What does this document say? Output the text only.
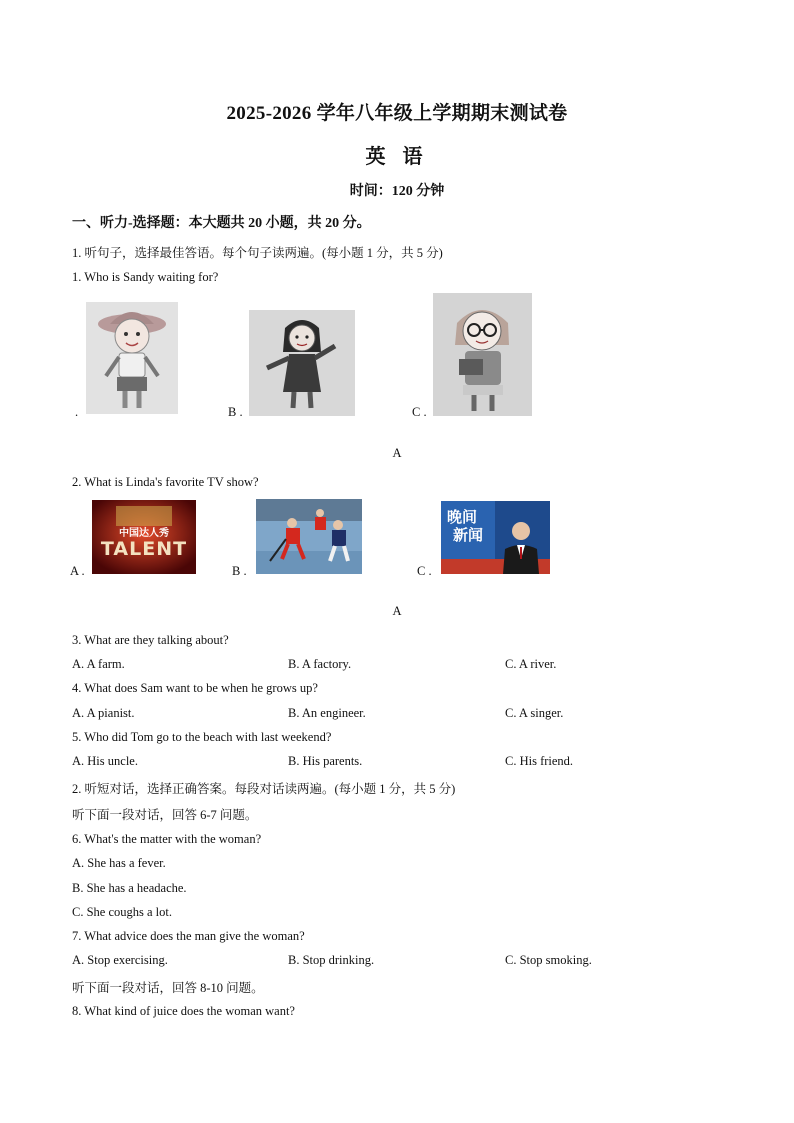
2025-2026 学年八年级上学期期末测试卷
英 语
时间：120 分钟
一、听力-选择题：本大题共 20 小题，共 20 分。
1. 听句子，选择最佳答语。每个句子读两遍。(每小题 1 分，共 5 分)
1. Who is Sandy waiting for?
.	B .	C .
A
2. What is Linda's favorite TV show?
中国达人秀
TALENT
A .	B .
晚间
新闻
C .
A
3. What are they talking about?
A. A farm.	B. A factory.	C. A river.
4. What does Sam want to be when he grows up?
A. A pianist.	B. An engineer.	C. A singer.
5. Who did Tom go to the beach with last weekend?
A. His uncle.	B. His parents.	C. His friend.
2. 听短对话，选择正确答案。每段对话读两遍。(每小题 1 分，共 5 分)
听下面一段对话，回答 6-7 问题。
6. What's the matter with the woman?
A. She has a fever.
B. She has a headache.
C. She coughs a lot.
7. What advice does the man give the woman?
A. Stop exercising.	B. Stop drinking.	C. Stop smoking.
听下面一段对话，回答 8-10 问题。
8. What kind of juice does the woman want?
